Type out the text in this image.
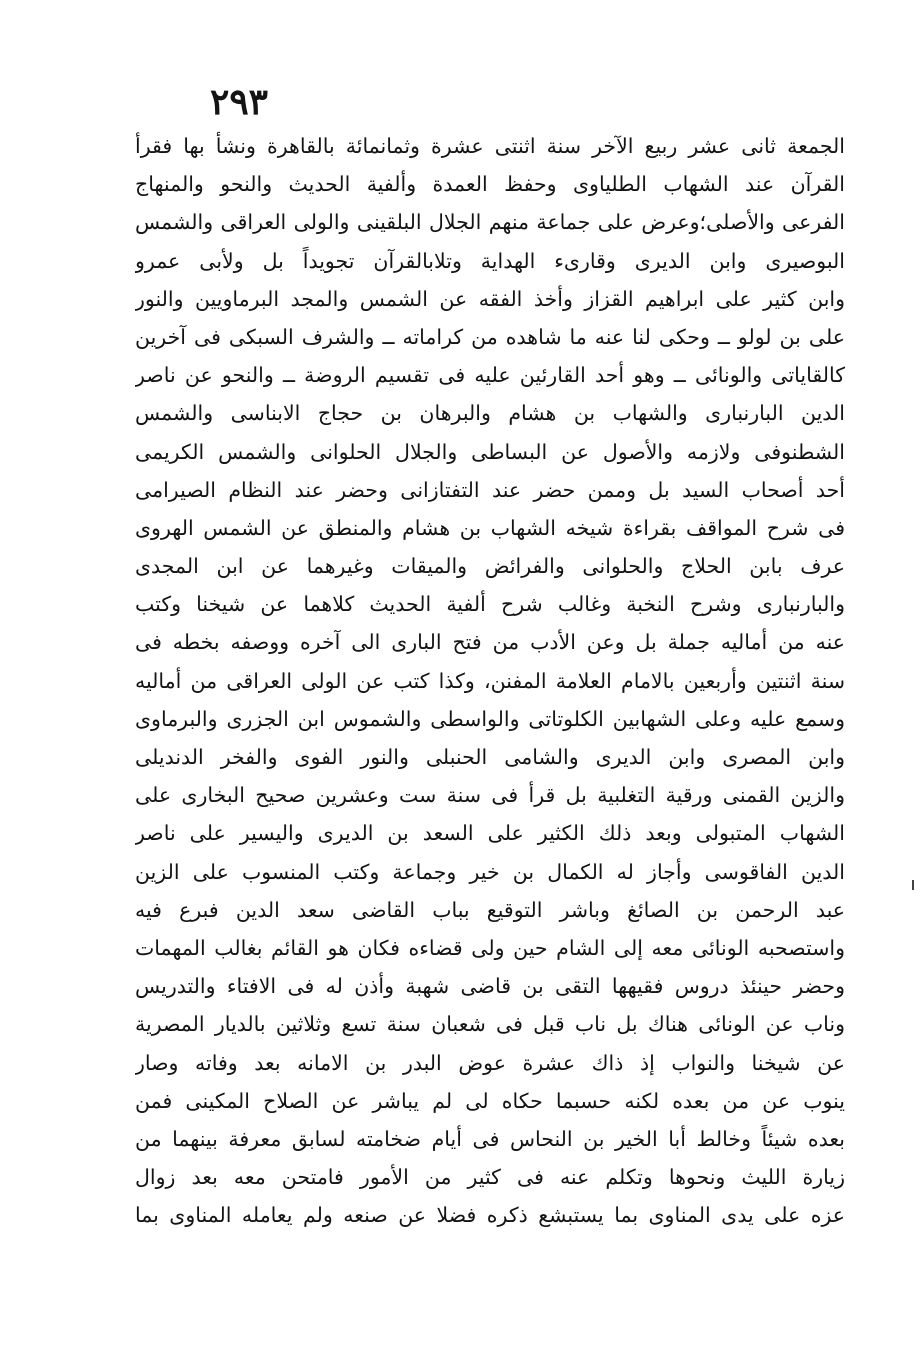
٢٩٣
الجمعة ثانى عشر ربيع الآخر سنة اثنتى عشرة وثمانمائة بالقاهرة ونشأ بها فقرأ
القرآن عند الشهاب الطلياوى وحفظ العمدة وألفية الحديث والنحو والمنهاج
الفرعى والأصلى؛وعرض على جماعة منهم الجلال البلقينى والولى العراقى والشمس
البوصيرى وابن الديرى وقارىء الهداية وتلابالقرآن تجويداً بل ولأبى عمرو
وابن كثير على ابراهيم القزاز وأخذ الفقه عن الشمس والمجد البرماويين والنور
على بن لولو ــ وحكى لنا عنه ما شاهده من كراماته ــ والشرف السبكى فى آخرين
كالقاياتى والونائى ــ وهو أحد القارئين عليه فى تقسيم الروضة ــ والنحو عن ناصر
الدين البارنبارى والشهاب بن هشام والبرهان بن حجاج الابناسى والشمس
الشطنوفى ولازمه والأصول عن البساطى والجلال الحلوانى والشمس الكريمى
أحد أصحاب السيد بل وممن حضر عند التفتازانى وحضر عند النظام الصيرامى
فى شرح المواقف بقراءة شيخه الشهاب بن هشام والمنطق عن الشمس الهروى
عرف بابن الحلاج والحلوانى والفرائض والميقات وغيرهما عن ابن المجدى
والبارنبارى وشرح النخبة وغالب شرح ألفية الحديث كلاهما عن شيخنا وكتب
عنه من أماليه جملة بل وعن الأدب من فتح البارى الى آخره ووصفه بخطه فى
سنة اثنتين وأربعين بالامام العلامة المفنن، وكذا كتب عن الولى العراقى من أماليه
وسمع عليه وعلى الشهابين الكلوتاتى والواسطى والشموس ابن الجزرى والبرماوى
وابن المصرى وابن الديرى والشامى الحنبلى والنور الفوى والفخر الدنديلى
والزين القمنى ورقية التغلبية بل قرأ فى سنة ست وعشرين صحيح البخارى على
الشهاب المتبولى وبعد ذلك الكثير على السعد بن الديرى واليسير على ناصر
الدين الفاقوسى وأجاز له الكمال بن خير وجماعة وكتب المنسوب على الزين
عبد الرحمن بن الصائغ وباشر التوقيع بباب القاضى سعد الدين فبرع فيه
واستصحبه الونائى معه إلى الشام حين ولى قضاءه فكان هو القائم بغالب المهمات
وحضر حينئذ دروس فقيهها التقى بن قاضى شهبة وأذن له فى الافتاء والتدريس
وناب عن الونائى هناك بل ناب قبل فى شعبان سنة تسع وثلاثين بالديار المصرية
عن شيخنا والنواب إذ ذاك عشرة عوض البدر بن الامانه بعد وفاته وصار
ينوب عن من بعده لكنه حسبما حكاه لى لم يباشر عن الصلاح المكينى فمن
بعده شيئاً وخالط أبا الخير بن النحاس فى أيام ضخامته لسابق معرفة بينهما من
زيارة الليث ونحوها وتكلم عنه فى كثير من الأمور فامتحن معه بعد زوال
عزه على يدى المناوى بما يستبشع ذكره فضلا عن صنعه ولم يعامله المناوى بما
